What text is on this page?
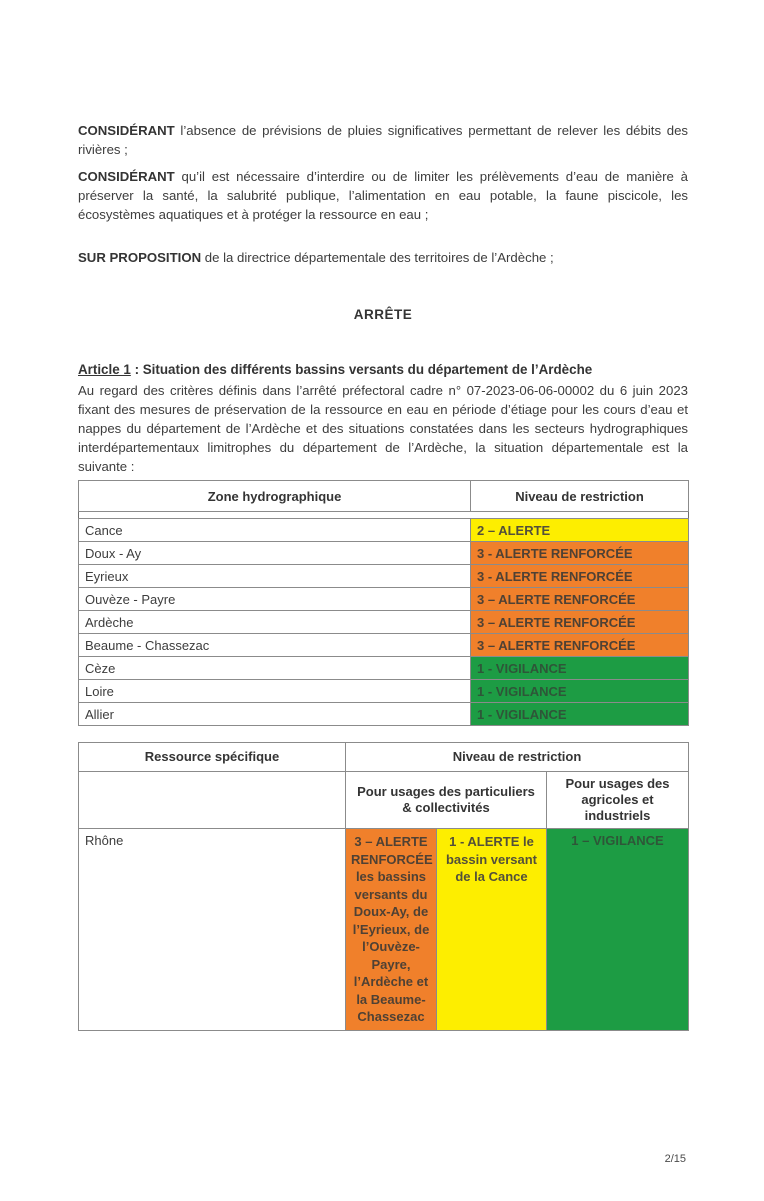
CONSIDÉRANT l’absence de prévisions de pluies significatives permettant de relever les débits des rivières ;

CONSIDÉRANT qu’il est nécessaire d’interdire ou de limiter les prélèvements d’eau de manière à préserver la santé, la salubrité publique, l’alimentation en eau potable, la faune piscicole, les écosystèmes aquatiques et à protéger la ressource en eau ;

SUR PROPOSITION de la directrice départementale des territoires de l’Ardèche ;

ARRÊTE
Article 1 : Situation des différents bassins versants du département de l’Ardèche

Au regard des critères définis dans l’arrêté préfectoral cadre n° 07-2023-06-06-00002 du 6 juin 2023 fixant des mesures de préservation de la ressource en eau en période d’étiage pour les cours d’eau et nappes du département de l’Ardèche et des situations constatées dans les secteurs hydrographiques interdépartementaux limitrophes du département de l’Ardèche, la situation départementale est la suivante :

Zone hydrographique	Niveau de restriction

Cance	2 – ALERTE
Doux - Ay	3 - ALERTE RENFORCÉE
Eyrieux	3 - ALERTE RENFORCÉE
Ouvèze - Payre	3 – ALERTE RENFORCÉE
Ardèche	3 – ALERTE RENFORCÉE
Beaume - Chassezac	3 – ALERTE RENFORCÉE
Cèze	1 - VIGILANCE
Loire	1 - VIGILANCE
Allier	1 - VIGILANCE
Ressource spécifique	Niveau de restriction		
	Pour usages des particuliers & collectivités		Pour usages des agricoles et industriels
Rhône	3 – ALERTE RENFORCÉE les bassins versants du Doux-Ay, de l’Eyrieux, de l’Ouvèze-Payre, l’Ardèche et la Beaume-Chassezac	1 - ALERTE le bassin versant de la Cance	1 – VIGILANCE
2/15
